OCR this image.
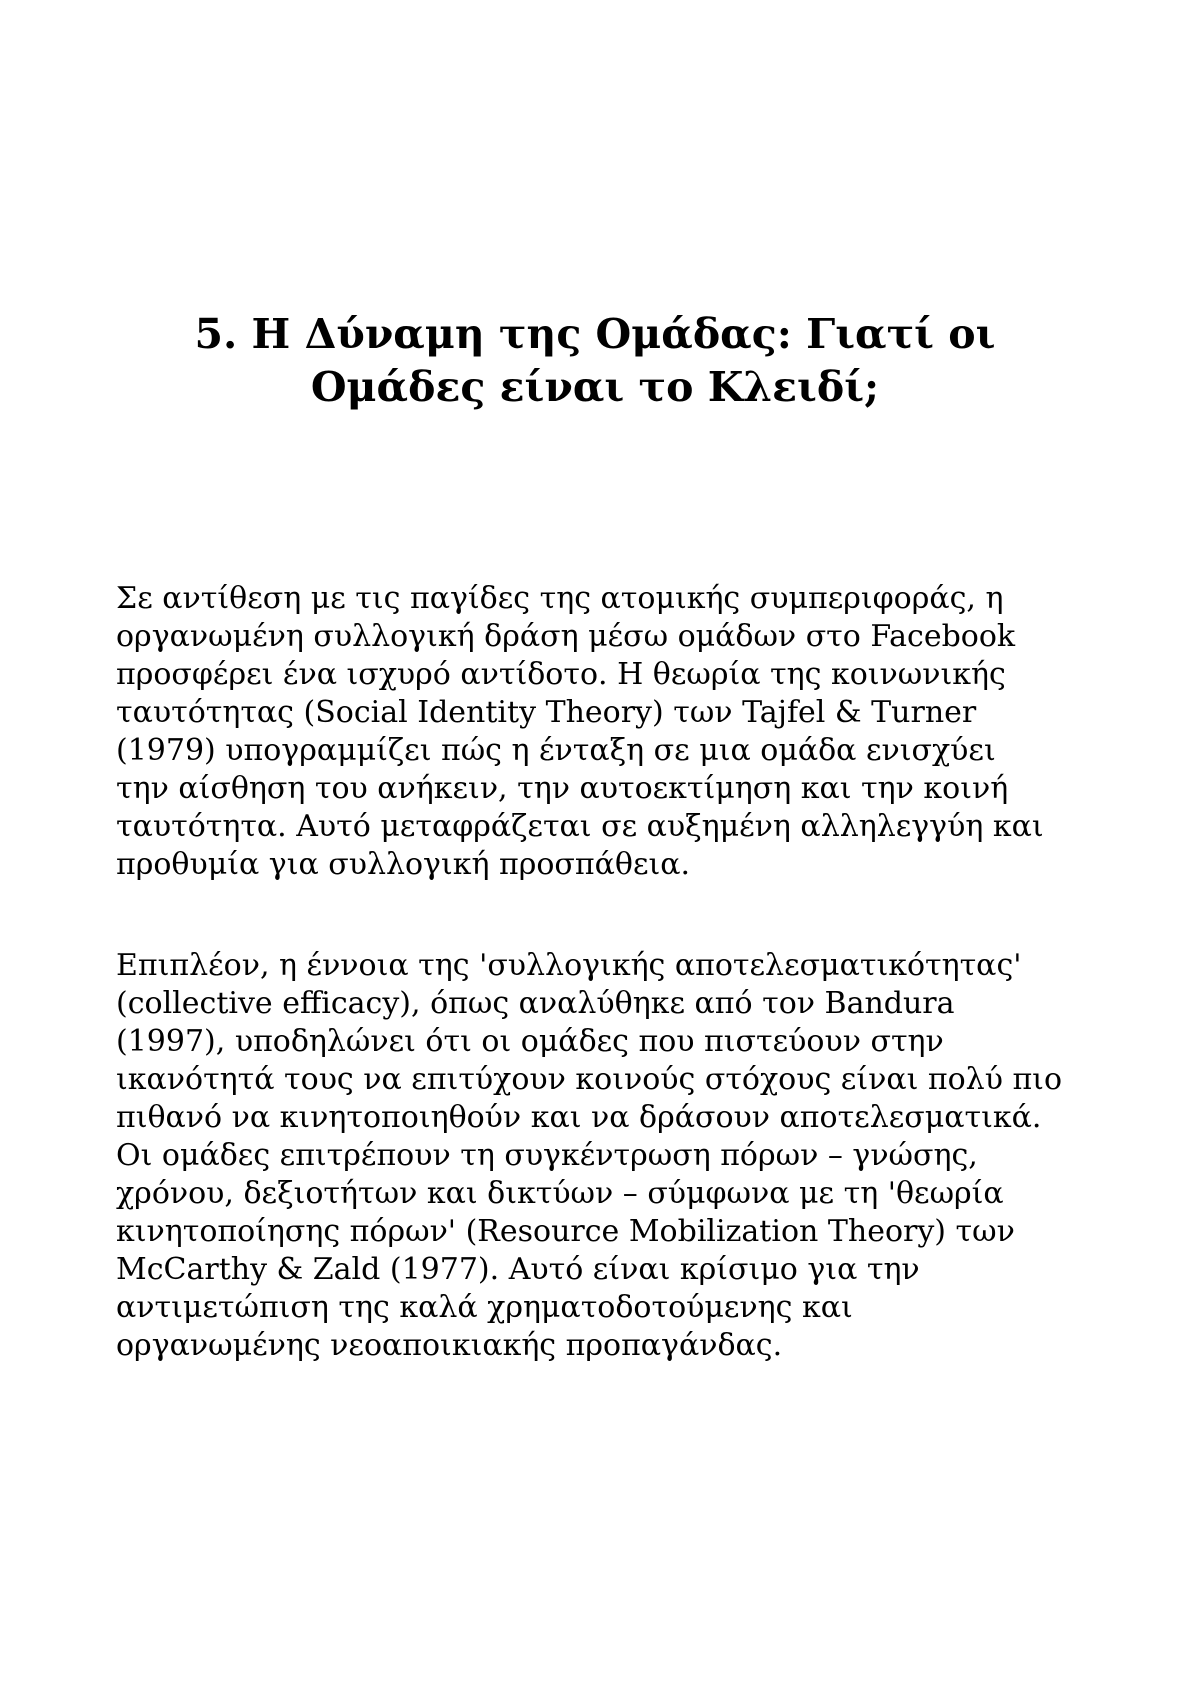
5. Η Δύναμη της Ομάδας: Γιατί οι
Ομάδες είναι το Κλειδί;

Σε αντίθεση με τις παγίδες της ατομικής συμπεριφοράς, η
οργανωμένη συλλογική δράση μέσω ομάδων στο Facebook
προσφέρει ένα ισχυρό αντίδοτο. Η θεωρία της κοινωνικής
ταυτότητας (Social Identity Theory) των Tajfel & Turner
(1979) υπογραμμίζει πώς η ένταξη σε μια ομάδα ενισχύει
την αίσθηση του ανήκειν, την αυτοεκτίμηση και την κοινή
ταυτότητα. Αυτό μεταφράζεται σε αυξημένη αλληλεγγύη και
προθυμία για συλλογική προσπάθεια.

Επιπλέον, η έννοια της 'συλλογικής αποτελεσματικότητας'
(collective efficacy), όπως αναλύθηκε από τον Bandura
(1997), υποδηλώνει ότι οι ομάδες που πιστεύουν στην
ικανότητά τους να επιτύχουν κοινούς στόχους είναι πολύ πιο
πιθανό να κινητοποιηθούν και να δράσουν αποτελεσματικά.
Οι ομάδες επιτρέπουν τη συγκέντρωση πόρων – γνώσης,
χρόνου, δεξιοτήτων και δικτύων – σύμφωνα με τη 'θεωρία
κινητοποίησης πόρων' (Resource Mobilization Theory) των
McCarthy & Zald (1977). Αυτό είναι κρίσιμο για την
αντιμετώπιση της καλά χρηματοδοτούμενης και
οργανωμένης νεοαποικιακής προπαγάνδας.
